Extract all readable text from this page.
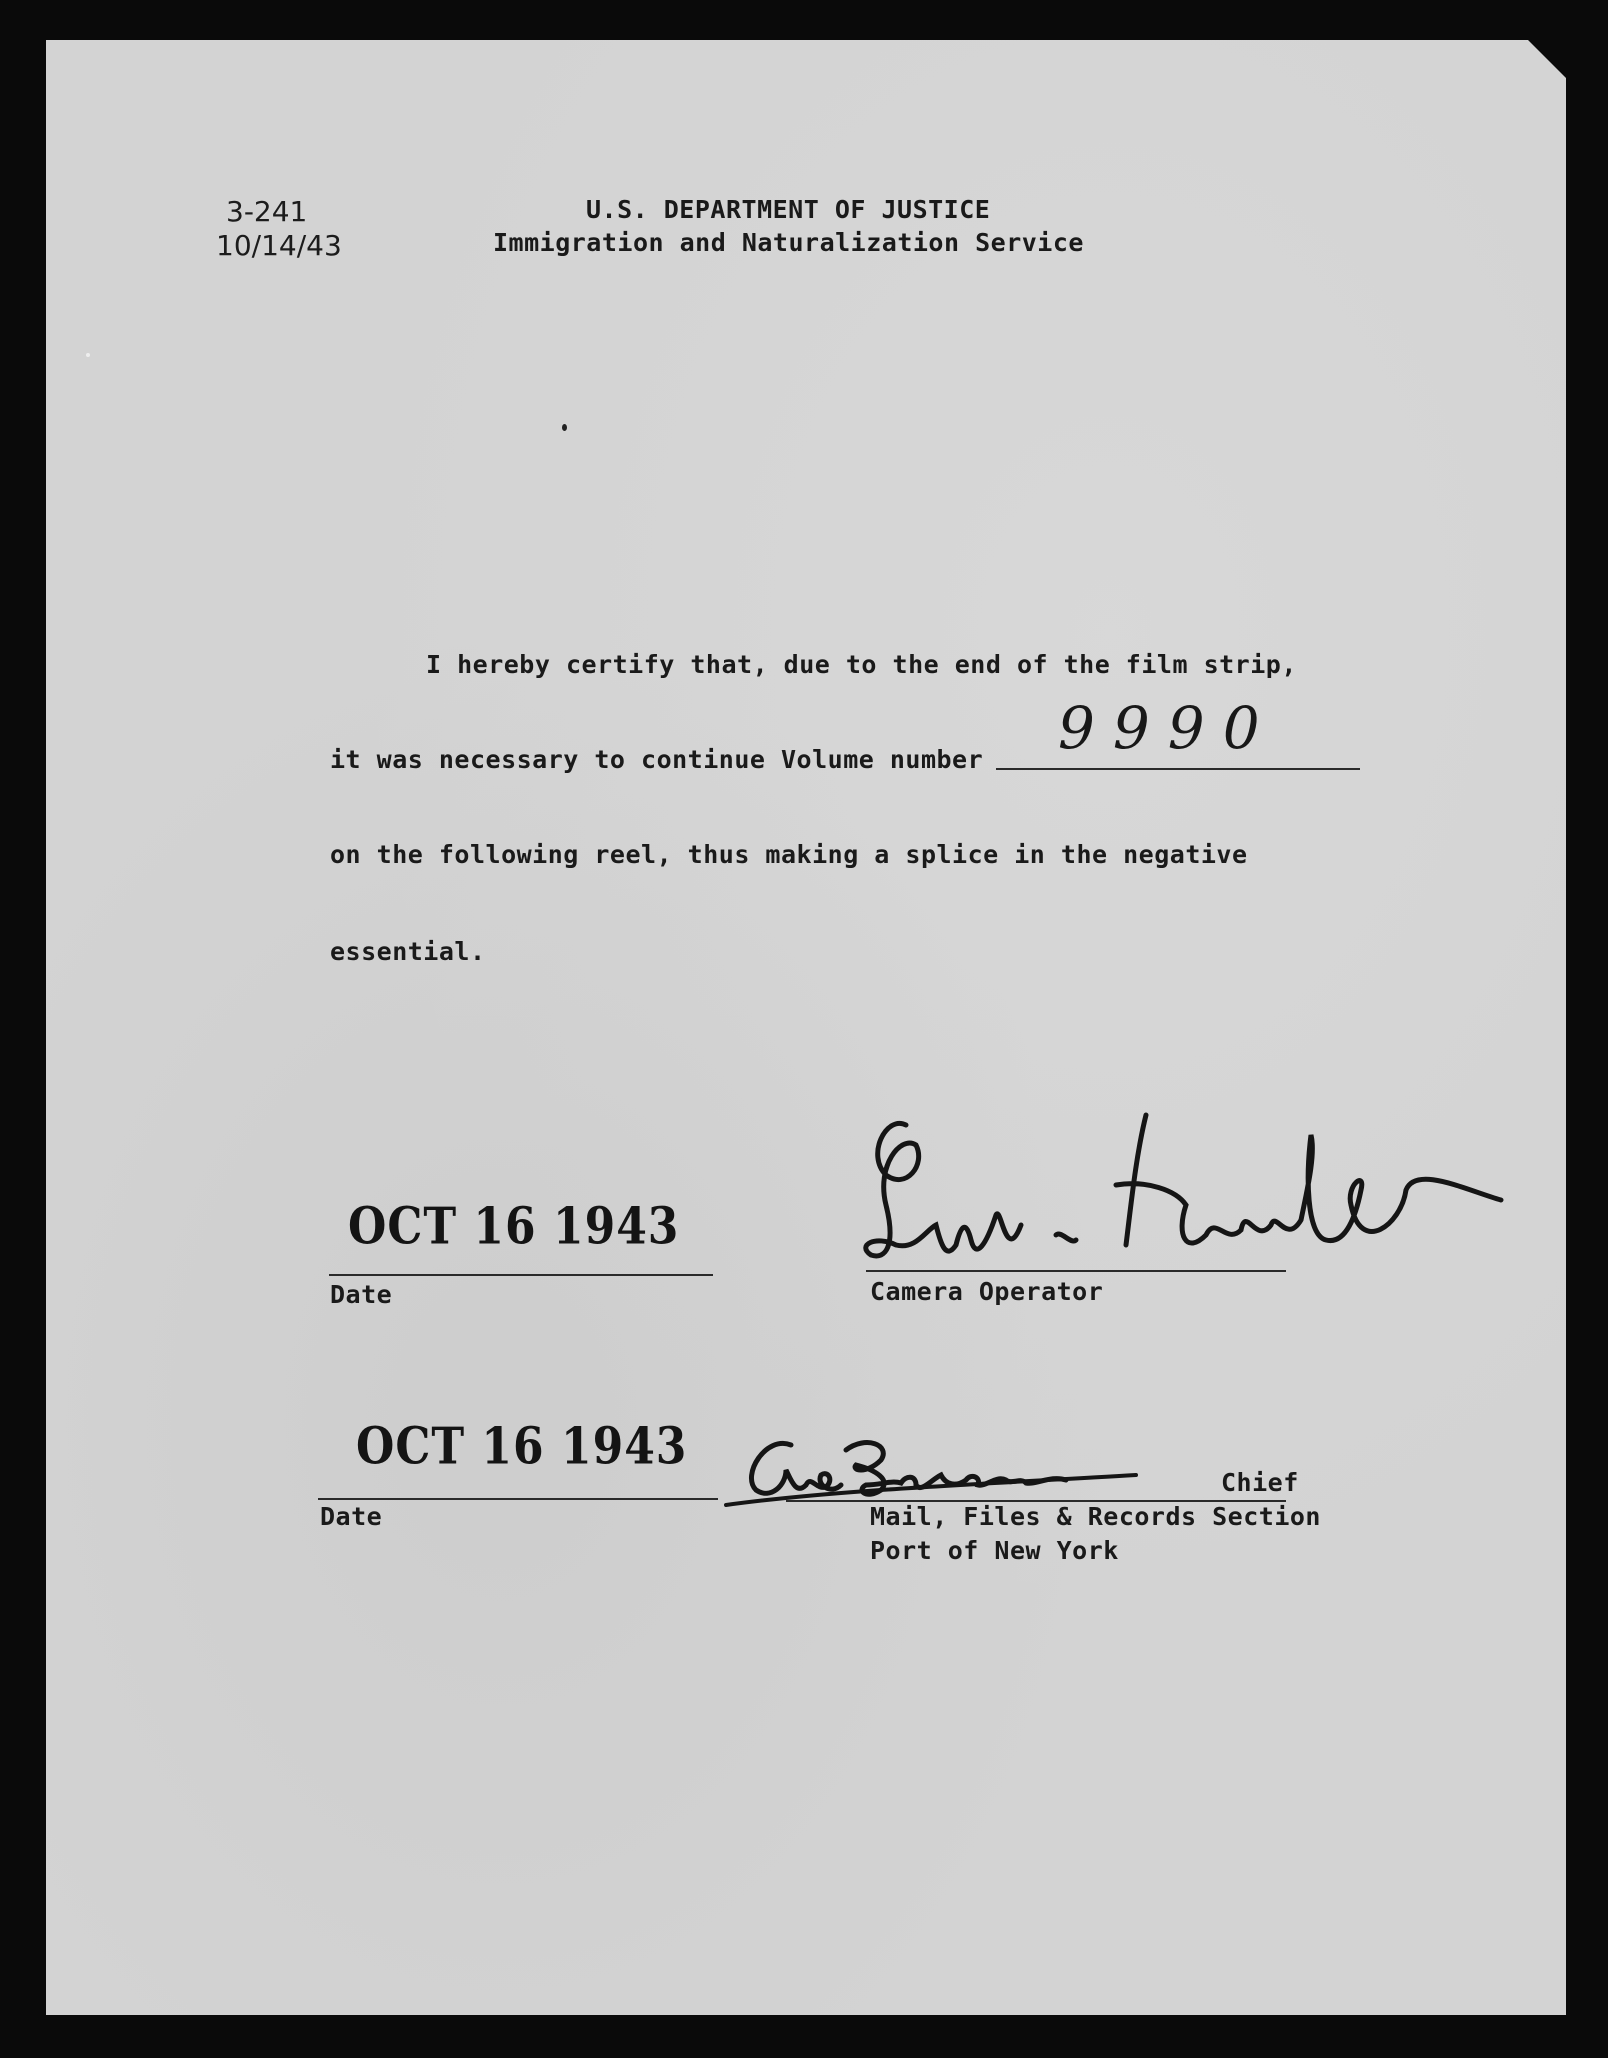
3-241
10/14/43
U.S. DEPARTMENT OF JUSTICE
Immigration and Naturalization Service
I hereby certify that, due to the end of the film strip,
it was necessary to continue Volume number 9990
on the following reel, thus making a splice in the negative
essential.
OCT 16 1943
Date	Camera Operator
OCT 16 1943
Date
Chief
Mail, Files & Records Section
Port of New York
